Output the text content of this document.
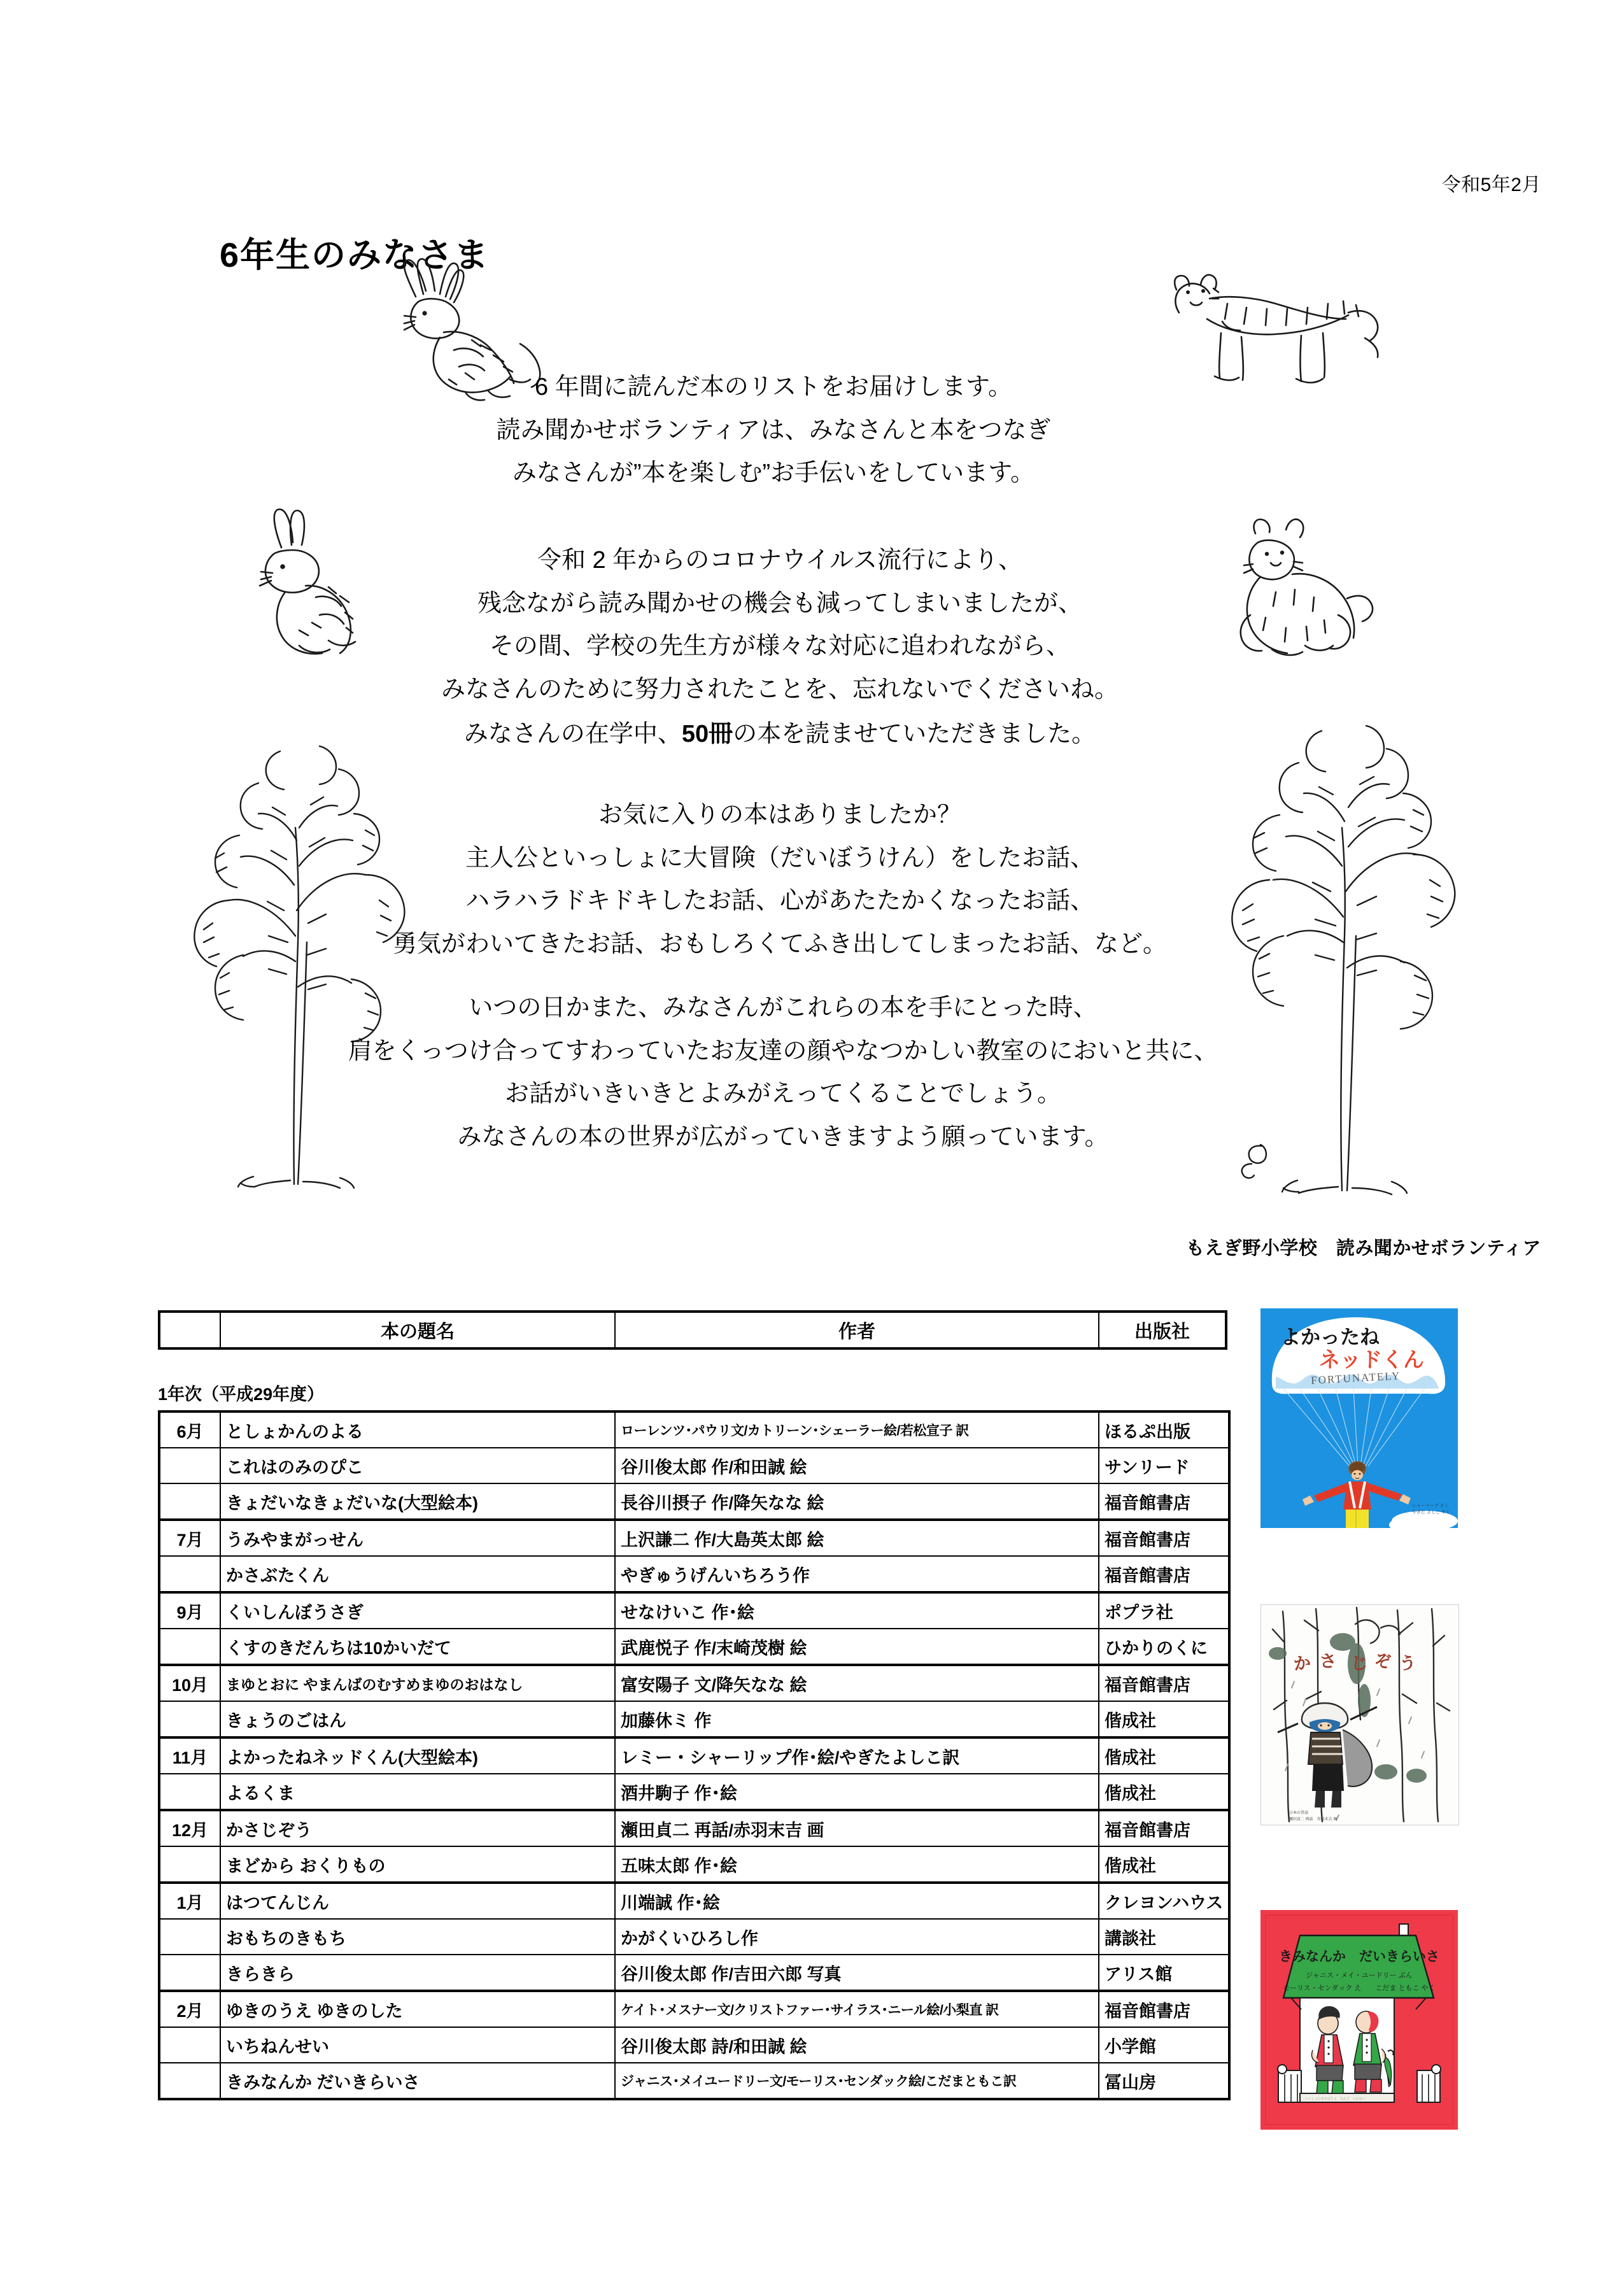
令和5年2月
6年生のみなさま
6 年間に読んだ本のリストをお届けします。
読み聞かせボランティアは、みなさんと本をつなぎ
みなさんが”本を楽しむ”お手伝いをしています。
令和 2 年からのコロナウイルス流行により、
残念ながら読み聞かせの機会も減ってしまいましたが、
その間、学校の先生方が様々な対応に追われながら、
みなさんのために努力されたことを、忘れないでくださいね。
みなさんの在学中、50冊の本を読ませていただきました。
お気に入りの本はありましたか？
主人公といっしょに大冒険（だいぼうけん）をしたお話、
ハラハラドキドキしたお話、心があたたかくなったお話、
勇気がわいてきたお話、おもしろくてふき出してしまったお話、など。
いつの日かまた、みなさんがこれらの本を手にとった時、
肩をくっつけ合ってすわっていたお友達の顔やなつかしい教室のにおいと共に、
お話がいきいきとよみがえってくることでしょう。
みなさんの本の世界が広がっていきますよう願っています。
もえぎ野小学校　読み聞かせボランティア
1年次（平成29年度）
	本の題名	作者	出版社
6月	としょかんのよる	ローレンツ･パウリ文/カトリーン･シェーラー絵/若松宣子 訳	ほるぷ出版
	これはのみのぴこ	谷川俊太郎 作/和田誠 絵	サンリード
	きょだいなきょだいな(大型絵本)	長谷川摂子 作/降矢なな 絵	福音館書店
7月	うみやまがっせん	上沢謙二 作/大島英太郎 絵	福音館書店
	かさぶたくん	やぎゅうげんいちろう作	福音館書店
9月	くいしんぼうさぎ	せなけいこ 作･絵	ポプラ社
	くすのきだんちは10かいだて	武鹿悦子 作/末崎茂樹 絵	ひかりのくに
10月	まゆとおに やまんばのむすめまゆのおはなし	富安陽子 文/降矢なな 絵	福音館書店
	きょうのごはん	加藤休ミ 作	偕成社
11月	よかったねネッドくん(大型絵本)	レミー・シャーリップ作･絵/やぎたよしこ訳	偕成社
	よるくま	酒井駒子 作･絵	偕成社
12月	かさじぞう	瀬田貞二 再話/赤羽末吉 画	福音館書店
	まどから おくりもの	五味太郎 作･絵	偕成社
1月	はつてんじん	川端誠 作･絵	クレヨンハウス
	おもちのきもち	かがくいひろし作	講談社
	きらきら	谷川俊太郎 作/吉田六郎 写真	アリス館
2月	ゆきのうえ ゆきのした	ケイト･メスナー文/クリストファー･サイラス･ニール絵/小梨直 訳	福音館書店
	いちねんせい	谷川俊太郎 詩/和田誠 絵	小学館
	きみなんか だいきらいさ	ジャニス･メイユードリー文/モーリス･センダック絵/こだまともこ訳	冨山房
FORTUNATELY
よかったね
ネッドくん
シャーリップ さく
やぎた よしこ やく
か さ じ ぞ う
日本の昔話
瀬田貞二 再話　赤羽末吉 画
きみなんか　だいきらいさ
ジャニス・メイ・ユードリー ぶん
モーリス・センダック え　　こだま ともこ やく
いっしょにあそぼうよ　なんて　いわない
